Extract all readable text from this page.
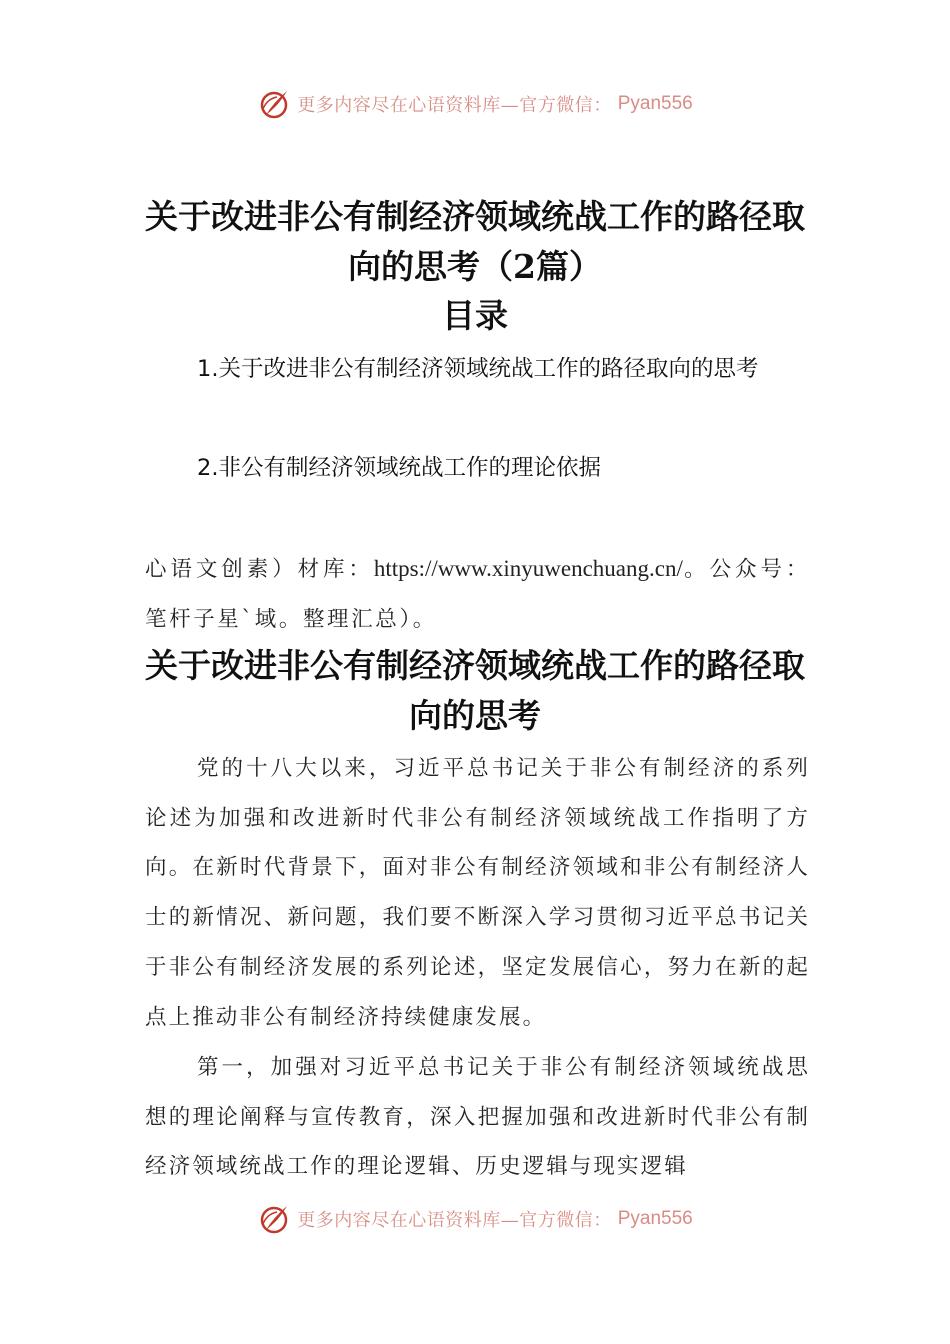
更多内容尽在心语资料库—官方微信： Pyan556
关于改进非公有制经济领域统战工作的路径取向的思考（2篇）
目录

1.关于改进非公有制经济领域统战工作的路径取向的思考

2.非公有制经济领域统战工作的理论依据

心语文创素）材库：https://www.xinyuwenchuang.cn/。公众号：笔杆子星`域。整理汇总）。

关于改进非公有制经济领域统战工作的路径取向的思考

党的十八大以来，习近平总书记关于非公有制经济的系列论述为加强和改进新时代非公有制经济领域统战工作指明了方向。在新时代背景下，面对非公有制经济领域和非公有制经济人士的新情况、新问题，我们要不断深入学习贯彻习近平总书记关于非公有制经济发展的系列论述，坚定发展信心，努力在新的起点上推动非公有制经济持续健康发展。

第一，加强对习近平总书记关于非公有制经济领域统战思想的理论阐释与宣传教育，深入把握加强和改进新时代非公有制经济领域统战工作的理论逻辑、历史逻辑与现实逻辑

更多内容尽在心语资料库—官方微信： Pyan556
